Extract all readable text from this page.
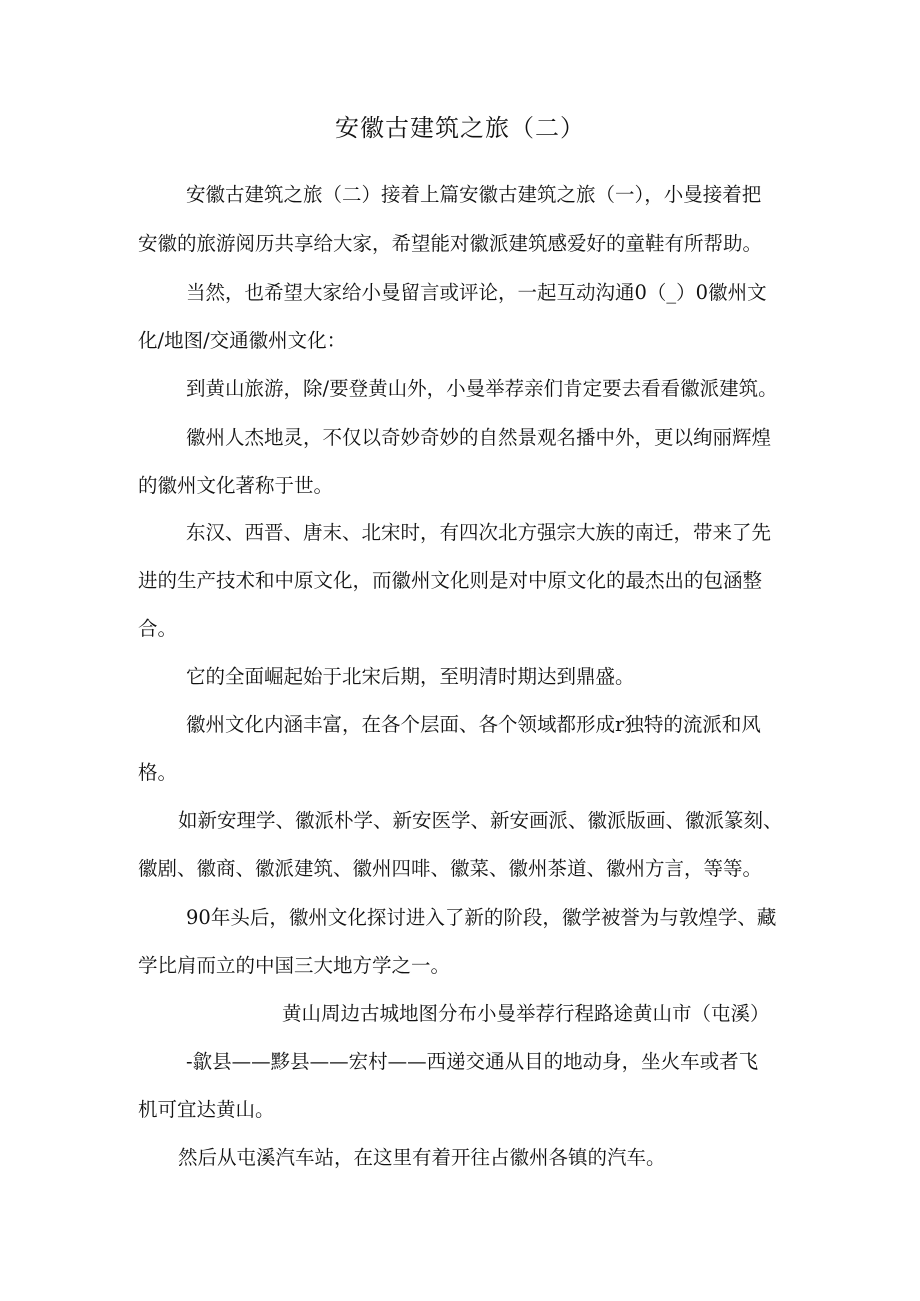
安徽古建筑之旅（二）
安徽古建筑之旅（二）接着上篇安徽古建筑之旅（一），小曼接着把
安徽的旅游阅历共享给大家，希望能对徽派建筑感爱好的童鞋有所帮助。
当然，也希望大家给小曼留言或评论，一起互动沟通0（_）0徽州文
化/地图/交通徽州文化：
到黄山旅游，除/要登黄山外，小曼举荐亲们肯定要去看看徽派建筑。
徽州人杰地灵，不仅以奇妙奇妙的自然景观名播中外，更以绚丽辉煌
的徽州文化著称于世。
东汉、西晋、唐末、北宋时，有四次北方强宗大族的南迁，带来了先
进的生产技术和中原文化，而徽州文化则是对中原文化的最杰出的包涵整
合。
它的全面崛起始于北宋后期，至明清时期达到鼎盛。
徽州文化内涵丰富，在各个层面、各个领域都形成r独特的流派和风
格。
如新安理学、徽派朴学、新安医学、新安画派、徽派版画、徽派篆刻、
徽剧、徽商、徽派建筑、徽州四啡、徽菜、徽州茶道、徽州方言，等等。
90年头后，徽州文化探讨进入了新的阶段，徽学被誉为与敦煌学、藏
学比肩而立的中国三大地方学之一。
黄山周边古城地图分布小曼举荐行程路途黄山市（屯溪）
-歙县——黟县——宏村——西递交通从目的地动身，坐火车或者飞
机可宜达黄山。
然后从屯溪汽车站，在这里有着开往占徽州各镇的汽车。
